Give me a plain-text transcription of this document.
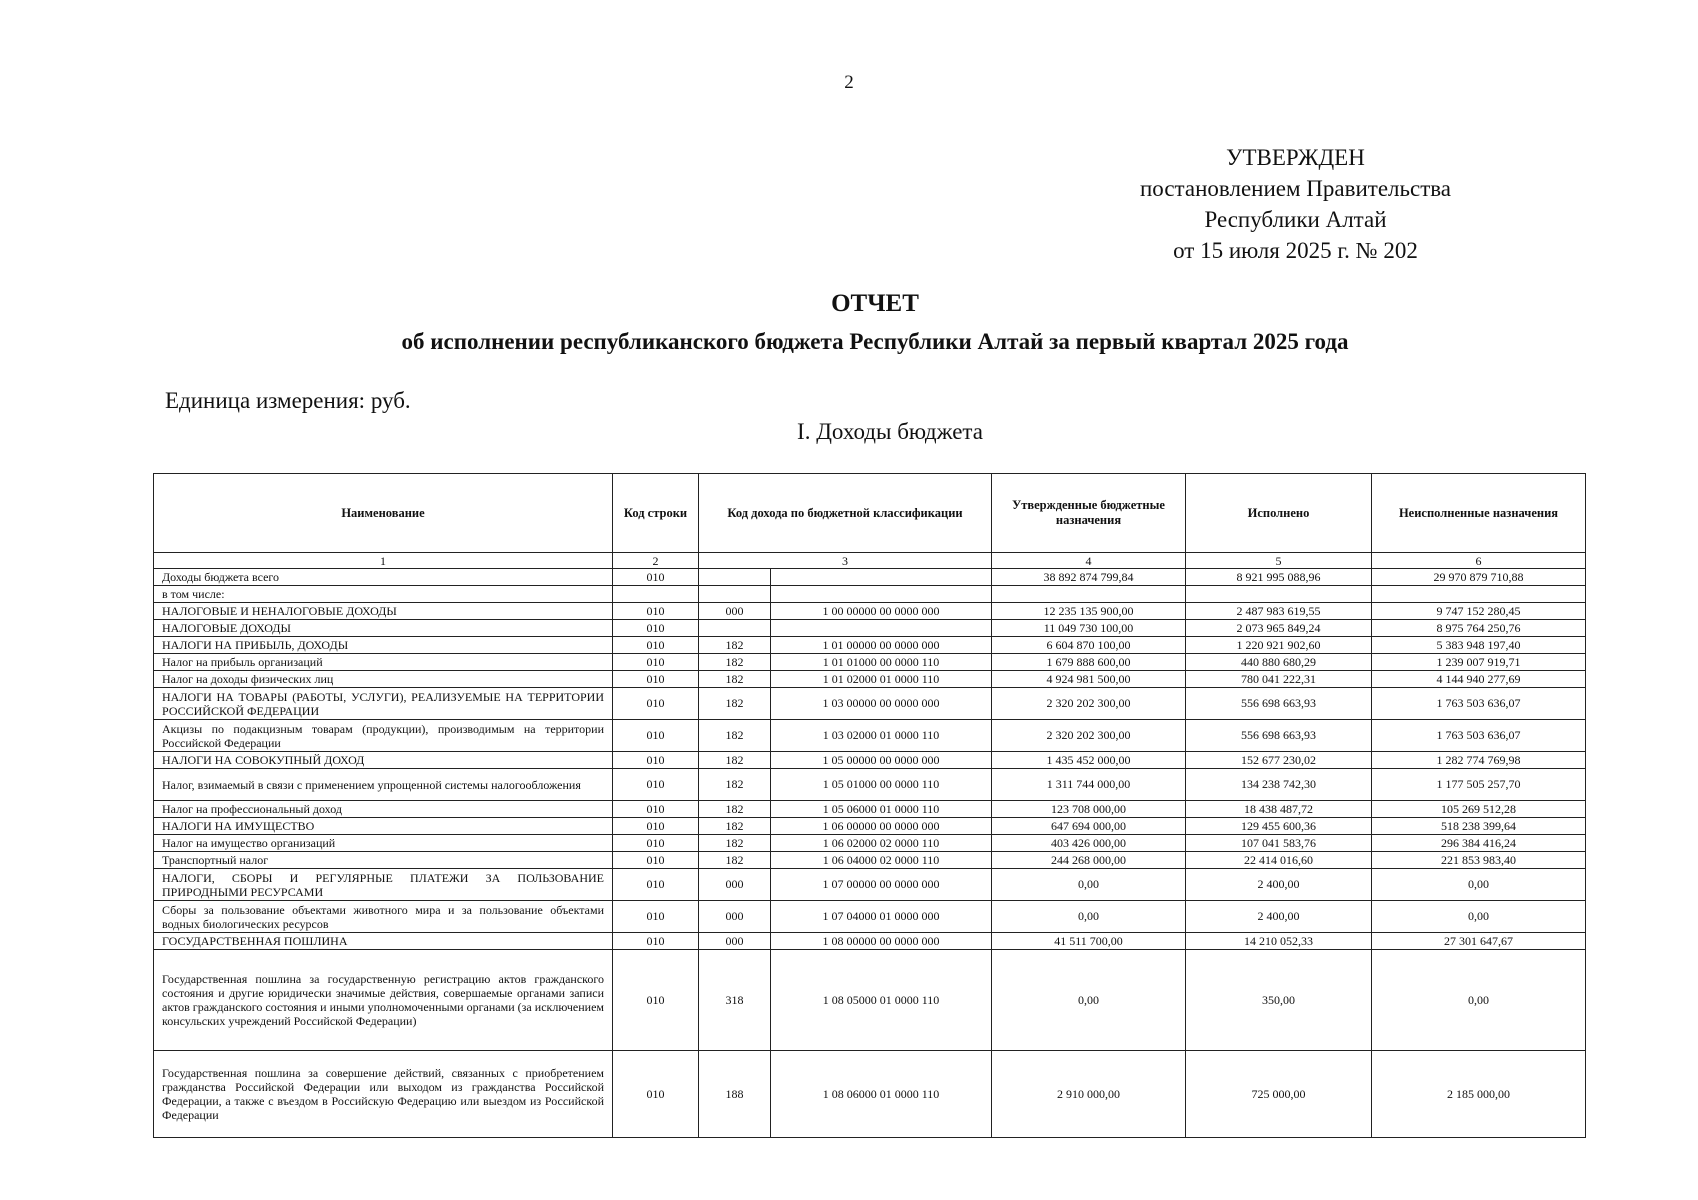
2
УТВЕРЖДЕН
постановлением Правительства
Республики Алтай
от 15 июля 2025 г. № 202
ОТЧЕТ
об исполнении республиканского бюджета Республики Алтай за первый квартал 2025 года
Единица измерения: руб.
I. Доходы бюджета
Наименование	Код строки	Код дохода по бюджетной классификации		Утвержденные бюджетные назначения	Исполнено	Неисполненные назначения
1	2	3		4	5	6
Доходы бюджета всего	010			38 892 874 799,84	8 921 995 088,96	29 970 879 710,88
в том числе:						
НАЛОГОВЫЕ И НЕНАЛОГОВЫЕ ДОХОДЫ	010	000	1 00 00000 00 0000 000	12 235 135 900,00	2 487 983 619,55	9 747 152 280,45
НАЛОГОВЫЕ ДОХОДЫ	010			11 049 730 100,00	2 073 965 849,24	8 975 764 250,76
НАЛОГИ НА ПРИБЫЛЬ, ДОХОДЫ	010	182	1 01 00000 00 0000 000	6 604 870 100,00	1 220 921 902,60	5 383 948 197,40
Налог на прибыль организаций	010	182	1 01 01000 00 0000 110	1 679 888 600,00	440 880 680,29	1 239 007 919,71
Налог на доходы физических лиц	010	182	1 01 02000 01 0000 110	4 924 981 500,00	780 041 222,31	4 144 940 277,69
НАЛОГИ НА ТОВАРЫ (РАБОТЫ, УСЛУГИ), РЕАЛИЗУЕМЫЕ НА ТЕРРИТОРИИ РОССИЙСКОЙ ФЕДЕРАЦИИ	010	182	1 03 00000 00 0000 000	2 320 202 300,00	556 698 663,93	1 763 503 636,07
Акцизы по подакцизным товарам (продукции), производимым на территории Российской Федерации	010	182	1 03 02000 01 0000 110	2 320 202 300,00	556 698 663,93	1 763 503 636,07
НАЛОГИ НА СОВОКУПНЫЙ ДОХОД	010	182	1 05 00000 00 0000 000	1 435 452 000,00	152 677 230,02	1 282 774 769,98
Налог, взимаемый в связи с применением упрощенной системы налогообложения	010	182	1 05 01000 00 0000 110	1 311 744 000,00	134 238 742,30	1 177 505 257,70
Налог на профессиональный доход	010	182	1 05 06000 01 0000 110	123 708 000,00	18 438 487,72	105 269 512,28
НАЛОГИ НА ИМУЩЕСТВО	010	182	1 06 00000 00 0000 000	647 694 000,00	129 455 600,36	518 238 399,64
Налог на имущество организаций	010	182	1 06 02000 02 0000 110	403 426 000,00	107 041 583,76	296 384 416,24
Транспортный налог	010	182	1 06 04000 02 0000 110	244 268 000,00	22 414 016,60	221 853 983,40
НАЛОГИ, СБОРЫ И РЕГУЛЯРНЫЕ ПЛАТЕЖИ ЗА ПОЛЬЗОВАНИЕ ПРИРОДНЫМИ РЕСУРСАМИ	010	000	1 07 00000 00 0000 000	0,00	2 400,00	0,00
Сборы за пользование объектами животного мира и за пользование объектами водных биологических ресурсов	010	000	1 07 04000 01 0000 000	0,00	2 400,00	0,00
ГОСУДАРСТВЕННАЯ ПОШЛИНА	010	000	1 08 00000 00 0000 000	41 511 700,00	14 210 052,33	27 301 647,67
Государственная пошлина за государственную регистрацию актов гражданского состояния и другие юридически значимые действия, совершаемые органами записи актов гражданского состояния и иными уполномоченными органами (за исключением консульских учреждений Российской Федерации)	010	318	1 08 05000 01 0000 110	0,00	350,00	0,00
Государственная пошлина за совершение действий, связанных с приобретением гражданства Российской Федерации или выходом из гражданства Российской Федерации, а также с въездом в Российскую Федерацию или выездом из Российской Федерации	010	188	1 08 06000 01 0000 110	2 910 000,00	725 000,00	2 185 000,00
